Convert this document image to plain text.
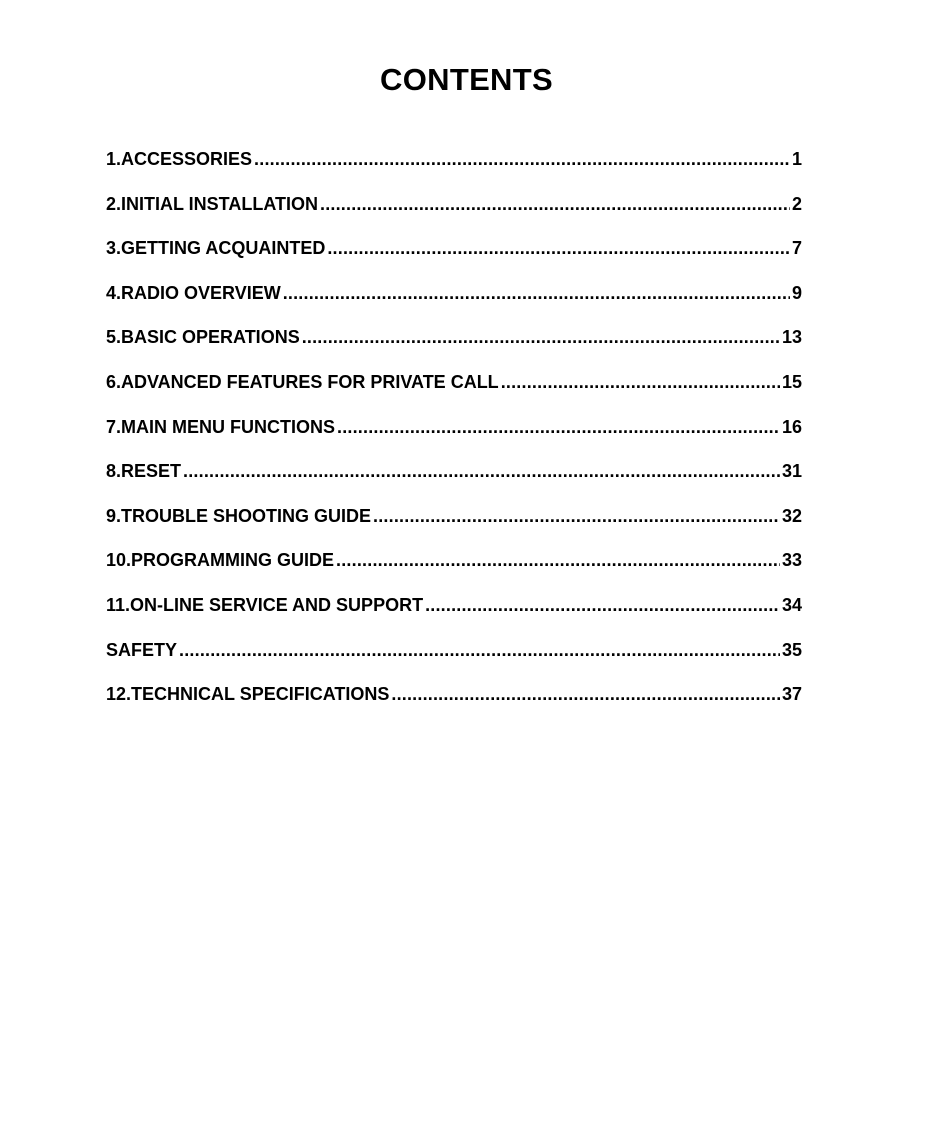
CONTENTS
1.ACCESSORIES .....	1
2.INITIAL INSTALLATION .....	2
3.GETTING ACQUAINTED .....	7
4.RADIO OVERVIEW .....	9
5.BASIC OPERATIONS .....	13
6.ADVANCED FEATURES FOR PRIVATE CALL .....	15
7.MAIN MENU FUNCTIONS .....	16
8.RESET .....	31
9.TROUBLE SHOOTING GUIDE .....	32
10.PROGRAMMING GUIDE .....	33
11.ON-LINE SERVICE AND SUPPORT .....	34
SAFETY .....	35
12.TECHNICAL SPECIFICATIONS .....	37
